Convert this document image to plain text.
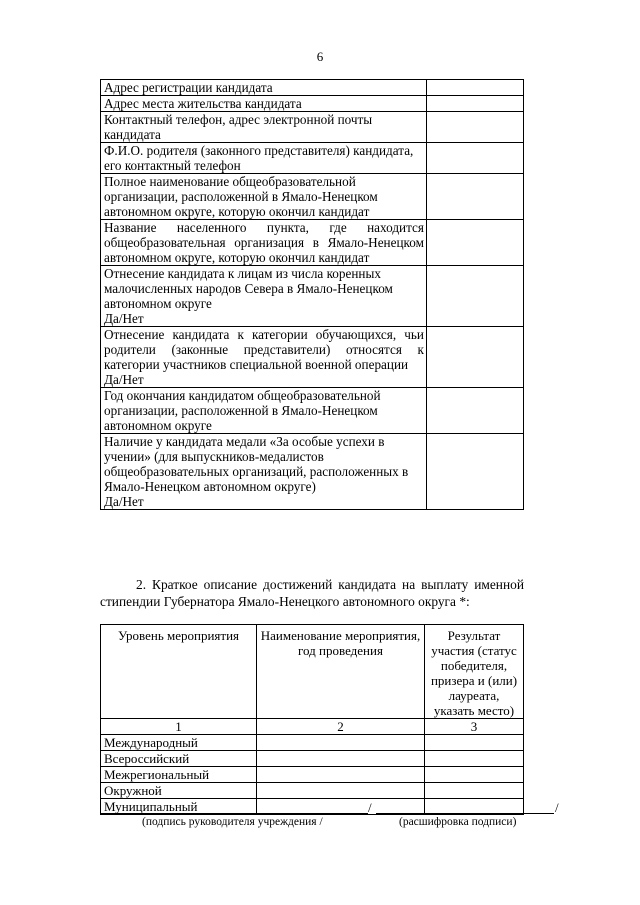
6
Адрес регистрации кандидата	
Адрес места жительства кандидата	
Контактный телефон, адрес электронной почты кандидата	
Ф.И.О. родителя (законного представителя) кандидата, его контактный телефон	
Полное наименование общеобразовательной организации, расположенной в Ямало-Ненецком автономном округе, которую окончил кандидат	
Название населенного пункта, где находится общеобразовательная организация в Ямало-Ненецком автономном округе, которую окончил кандидат	
Отнесение кандидата к лицам из числа коренных малочисленных народов Севера в Ямало-Ненецком автономном округе
Да/Нет	
Отнесение кандидата к категории обучающихся, чьи родители (законные представители) относятся к категории участников специальной военной операции
Да/Нет	
Год окончания кандидатом общеобразовательной организации, расположенной в Ямало-Ненецком автономном округе	
Наличие у кандидата медали «За особые успехи в учении» (для выпускников-медалистов общеобразовательных организаций, расположенных в Ямало-Ненецком автономном округе)
Да/Нет	
2. Краткое описание достижений кандидата на выплату именной
стипендии Губернатора Ямало-Ненецкого автономного округа *:
Уровень мероприятия	Наименование мероприятия, год проведения	Результат участия (статус победителя, призера и (или) лауреата, указать место)
1	2	3
Международный		
Всероссийский		
Межрегиональный		
Окружной		
Муниципальный			/	/
(подпись руководителя учреждения /	(расшифровка подписи)
